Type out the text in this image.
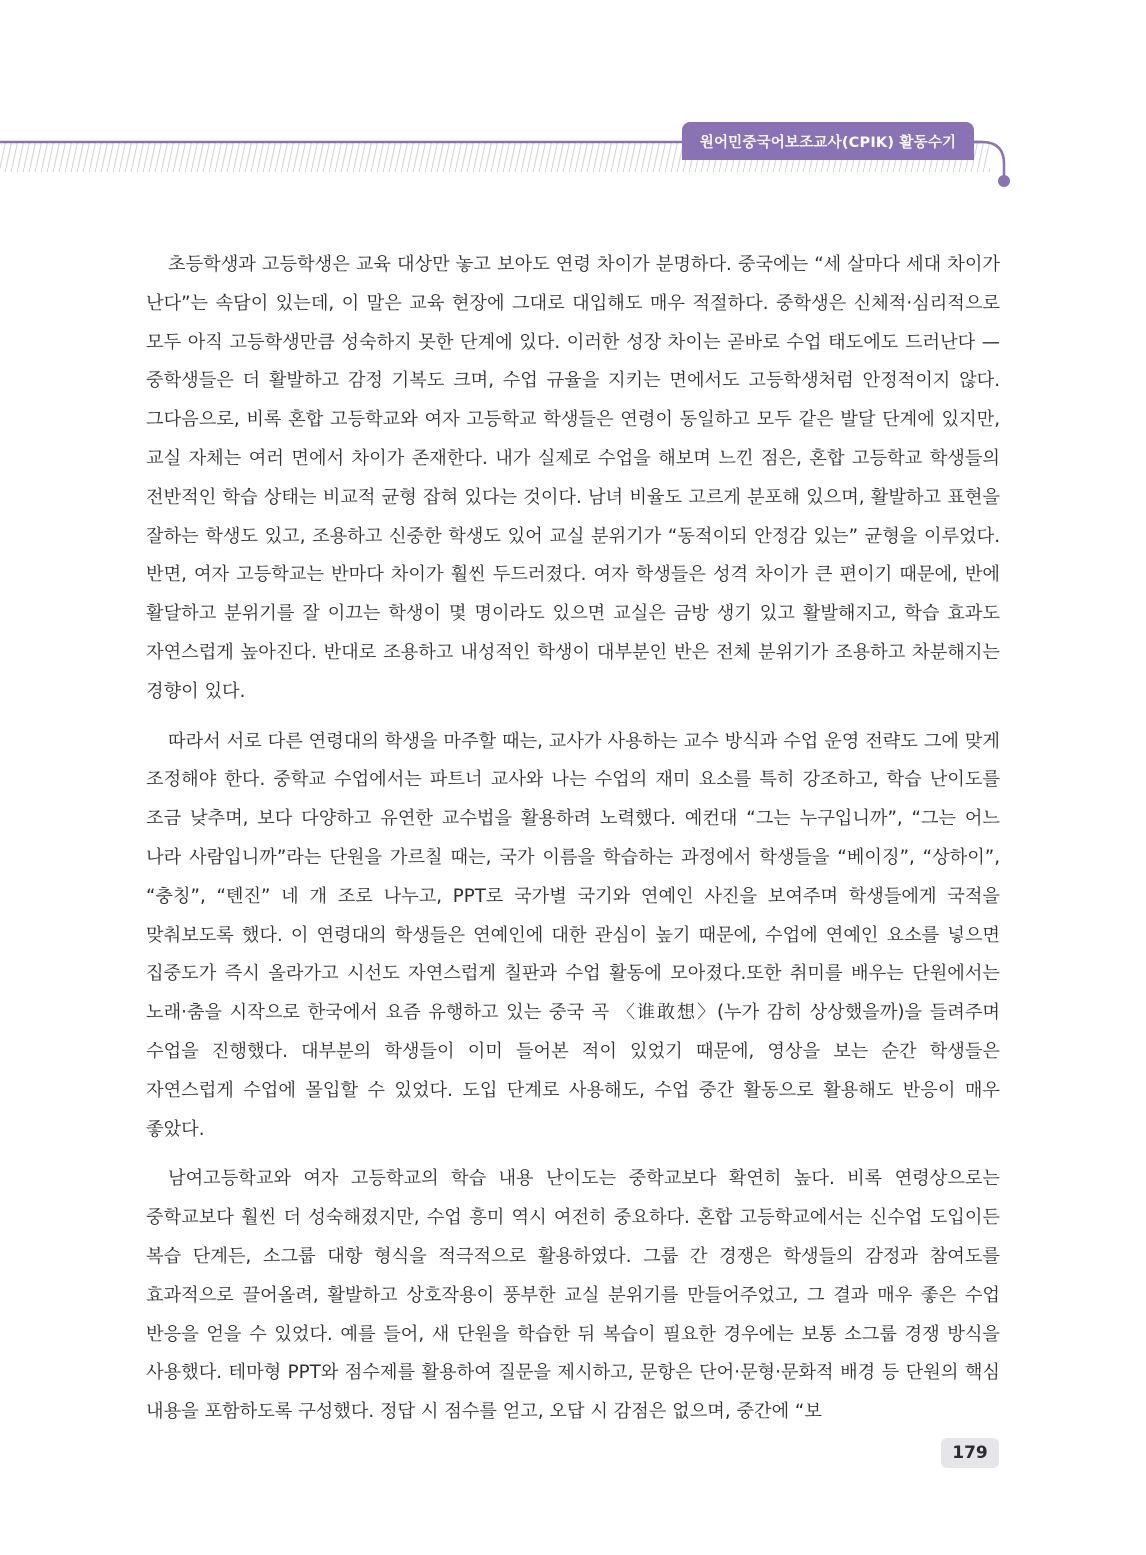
원어민중국어보조교사(CPIK) 활동수기

초등학생과 고등학생은 교육 대상만 놓고 보아도 연령 차이가 분명하다. 중국에는 “세 살마다 세대 차이가 난다”는 속담이 있는데, 이 말은 교육 현장에 그대로 대입해도 매우 적절하다. 중학생은 신체적·심리적으로 모두 아직 고등학생만큼 성숙하지 못한 단계에 있다. 이러한 성장 차이는 곧바로 수업 태도에도 드러난다 — 중학생들은 더 활발하고 감정 기복도 크며, 수업 규율을 지키는 면에서도 고등학생처럼 안정적이지 않다.그다음으로, 비록 혼합 고등학교와 여자 고등학교 학생들은 연령이 동일하고 모두 같은 발달 단계에 있지만, 교실 자체는 여러 면에서 차이가 존재한다. 내가 실제로 수업을 해보며 느낀 점은, 혼합 고등학교 학생들의 전반적인 학습 상태는 비교적 균형 잡혀 있다는 것이다. 남녀 비율도 고르게 분포해 있으며, 활발하고 표현을 잘하는 학생도 있고, 조용하고 신중한 학생도 있어 교실 분위기가 “동적이되 안정감 있는” 균형을 이루었다.반면, 여자 고등학교는 반마다 차이가 훨씬 두드러졌다. 여자 학생들은 성격 차이가 큰 편이기 때문에, 반에 활달하고 분위기를 잘 이끄는 학생이 몇 명이라도 있으면 교실은 금방 생기 있고 활발해지고, 학습 효과도 자연스럽게 높아진다. 반대로 조용하고 내성적인 학생이 대부분인 반은 전체 분위기가 조용하고 차분해지는 경향이 있다.

따라서 서로 다른 연령대의 학생을 마주할 때는, 교사가 사용하는 교수 방식과 수업 운영 전략도 그에 맞게 조정해야 한다. 중학교 수업에서는 파트너 교사와 나는 수업의 재미 요소를 특히 강조하고, 학습 난이도를 조금 낮추며, 보다 다양하고 유연한 교수법을 활용하려 노력했다. 예컨대 “그는 누구입니까”, “그는 어느 나라 사람입니까”라는 단원을 가르칠 때는, 국가 이름을 학습하는 과정에서 학생들을 “베이징”, “상하이”, “충칭”, “톈진” 네 개 조로 나누고, PPT로 국가별 국기와 연예인 사진을 보여주며 학생들에게 국적을 맞춰보도록 했다. 이 연령대의 학생들은 연예인에 대한 관심이 높기 때문에, 수업에 연예인 요소를 넣으면 집중도가 즉시 올라가고 시선도 자연스럽게 칠판과 수업 활동에 모아졌다.또한 취미를 배우는 단원에서는 노래·춤을 시작으로 한국에서 요즘 유행하고 있는 중국 곡 〈谁敢想〉(누가 감히 상상했을까)을 들려주며 수업을 진행했다. 대부분의 학생들이 이미 들어본 적이 있었기 때문에, 영상을 보는 순간 학생들은 자연스럽게 수업에 몰입할 수 있었다. 도입 단계로 사용해도, 수업 중간 활동으로 활용해도 반응이 매우 좋았다.

남여고등학교와 여자 고등학교의 학습 내용 난이도는 중학교보다 확연히 높다. 비록 연령상으로는 중학교보다 훨씬 더 성숙해졌지만, 수업 흥미 역시 여전히 중요하다. 혼합 고등학교에서는 신수업 도입이든 복습 단계든, 소그룹 대항 형식을 적극적으로 활용하였다. 그룹 간 경쟁은 학생들의 감정과 참여도를 효과적으로 끌어올려, 활발하고 상호작용이 풍부한 교실 분위기를 만들어주었고, 그 결과 매우 좋은 수업 반응을 얻을 수 있었다. 예를 들어, 새 단원을 학습한 뒤 복습이 필요한 경우에는 보통 소그룹 경쟁 방식을 사용했다. 테마형 PPT와 점수제를 활용하여 질문을 제시하고, 문항은 단어·문형·문화적 배경 등 단원의 핵심 내용을 포함하도록 구성했다. 정답 시 점수를 얻고, 오답 시 감점은 없으며, 중간에 “보

179
